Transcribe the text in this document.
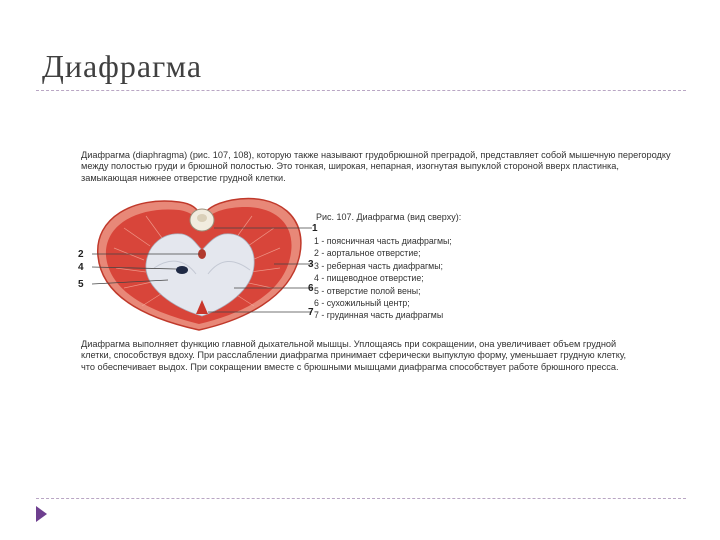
Диафрагма
Диафрагма (diaphragma) (рис. 107, 108), которую также называют грудобрюшной преградой, представляет собой мышечную перегородку между полостью груди и брюшной полостью. Это тонкая, широкая, непарная, изогнутая выпуклой стороной вверх пластинка, замыкающая нижнее отверстие грудной клетки.
1
2
4
5
3
6
7
Рис. 107. Диафрагма (вид сверху):
1 - поясничная часть диафрагмы;
2 - аортальное отверстие;
3 - реберная часть диафрагмы;
4 - пищеводное отверстие;
5 - отверстие полой вены;
6 - сухожильный центр;
7 - грудинная часть диафрагмы
Диафрагма выполняет функцию главной дыхательной мышцы. Уплощаясь при сокращении, она увеличивает объем грудной клетки, способствуя вдоху. При расслаблении диафрагма принимает сферически выпуклую форму, уменьшает грудную клетку, что обеспечивает выдох. При сокращении вместе с брюшными мышцами диафрагма способствует работе брюшного пресса.
